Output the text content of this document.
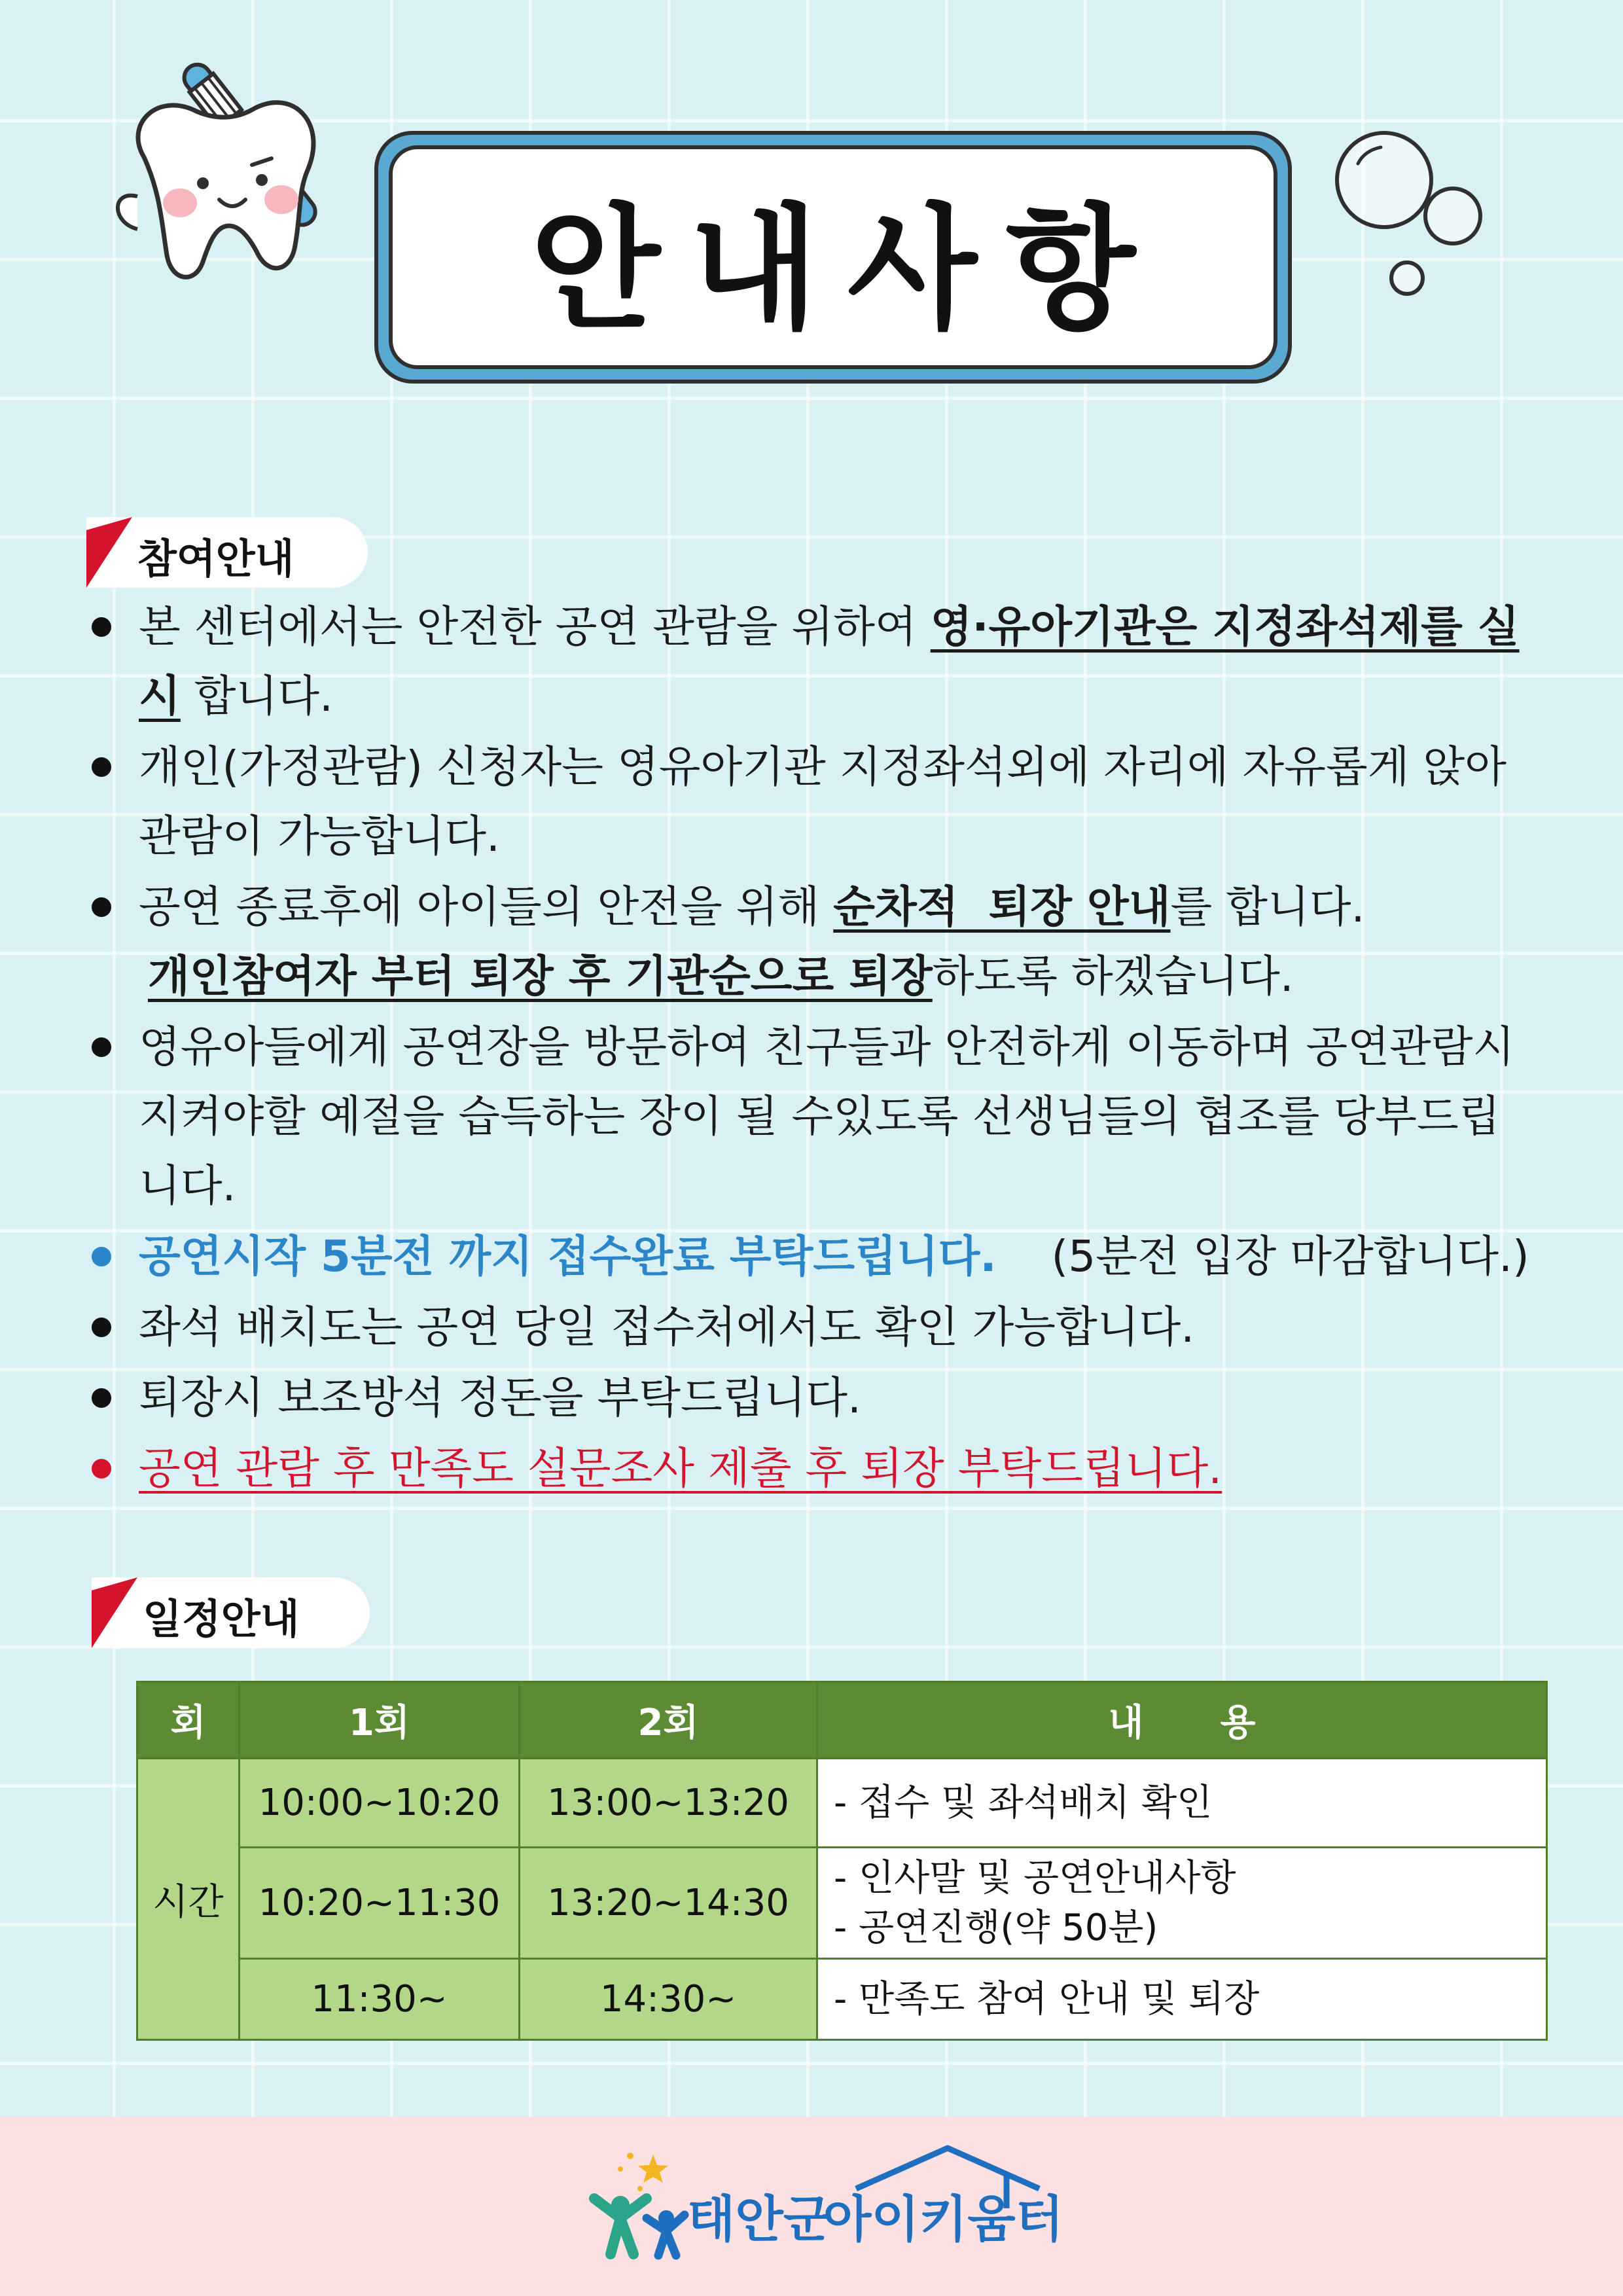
안내사항
참여안내
본 센터에서는 안전한 공연 관람을 위하여 영·유아기관은 지정좌석제를 실
시 합니다.
개인(가정관람) 신청자는 영유아기관 지정좌석외에 자리에 자유롭게 앉아
관람이 가능합니다.
공연 종료후에 아이들의 안전을 위해 순차적  퇴장 안내를 합니다.
개인참여자 부터 퇴장 후 기관순으로 퇴장하도록 하겠습니다.
영유아들에게 공연장을 방문하여 친구들과 안전하게 이동하며 공연관람시
지켜야할 예절을 습득하는 장이 될 수있도록 선생님들의 협조를 당부드립
니다.
공연시작 5분전 까지 접수완료 부탁드립니다. (5분전 입장 마감합니다.)
좌석 배치도는 공연 당일 접수처에서도 확인 가능합니다.
퇴장시 보조방석 정돈을 부탁드립니다.
공연 관람 후 만족도 설문조사 제출 후 퇴장 부탁드립니다.
일정안내
회	1회	2회	내      용
시간	10:00~10:20	13:00~13:20	- 접수 및 좌석배치 확인
	10:20~11:30	13:20~14:30	- 인사말 및 공연안내사항
- 공연진행(약 50분)
	11:30~	14:30~	- 만족도 참여 안내 및 퇴장
태안군
아이키움터
